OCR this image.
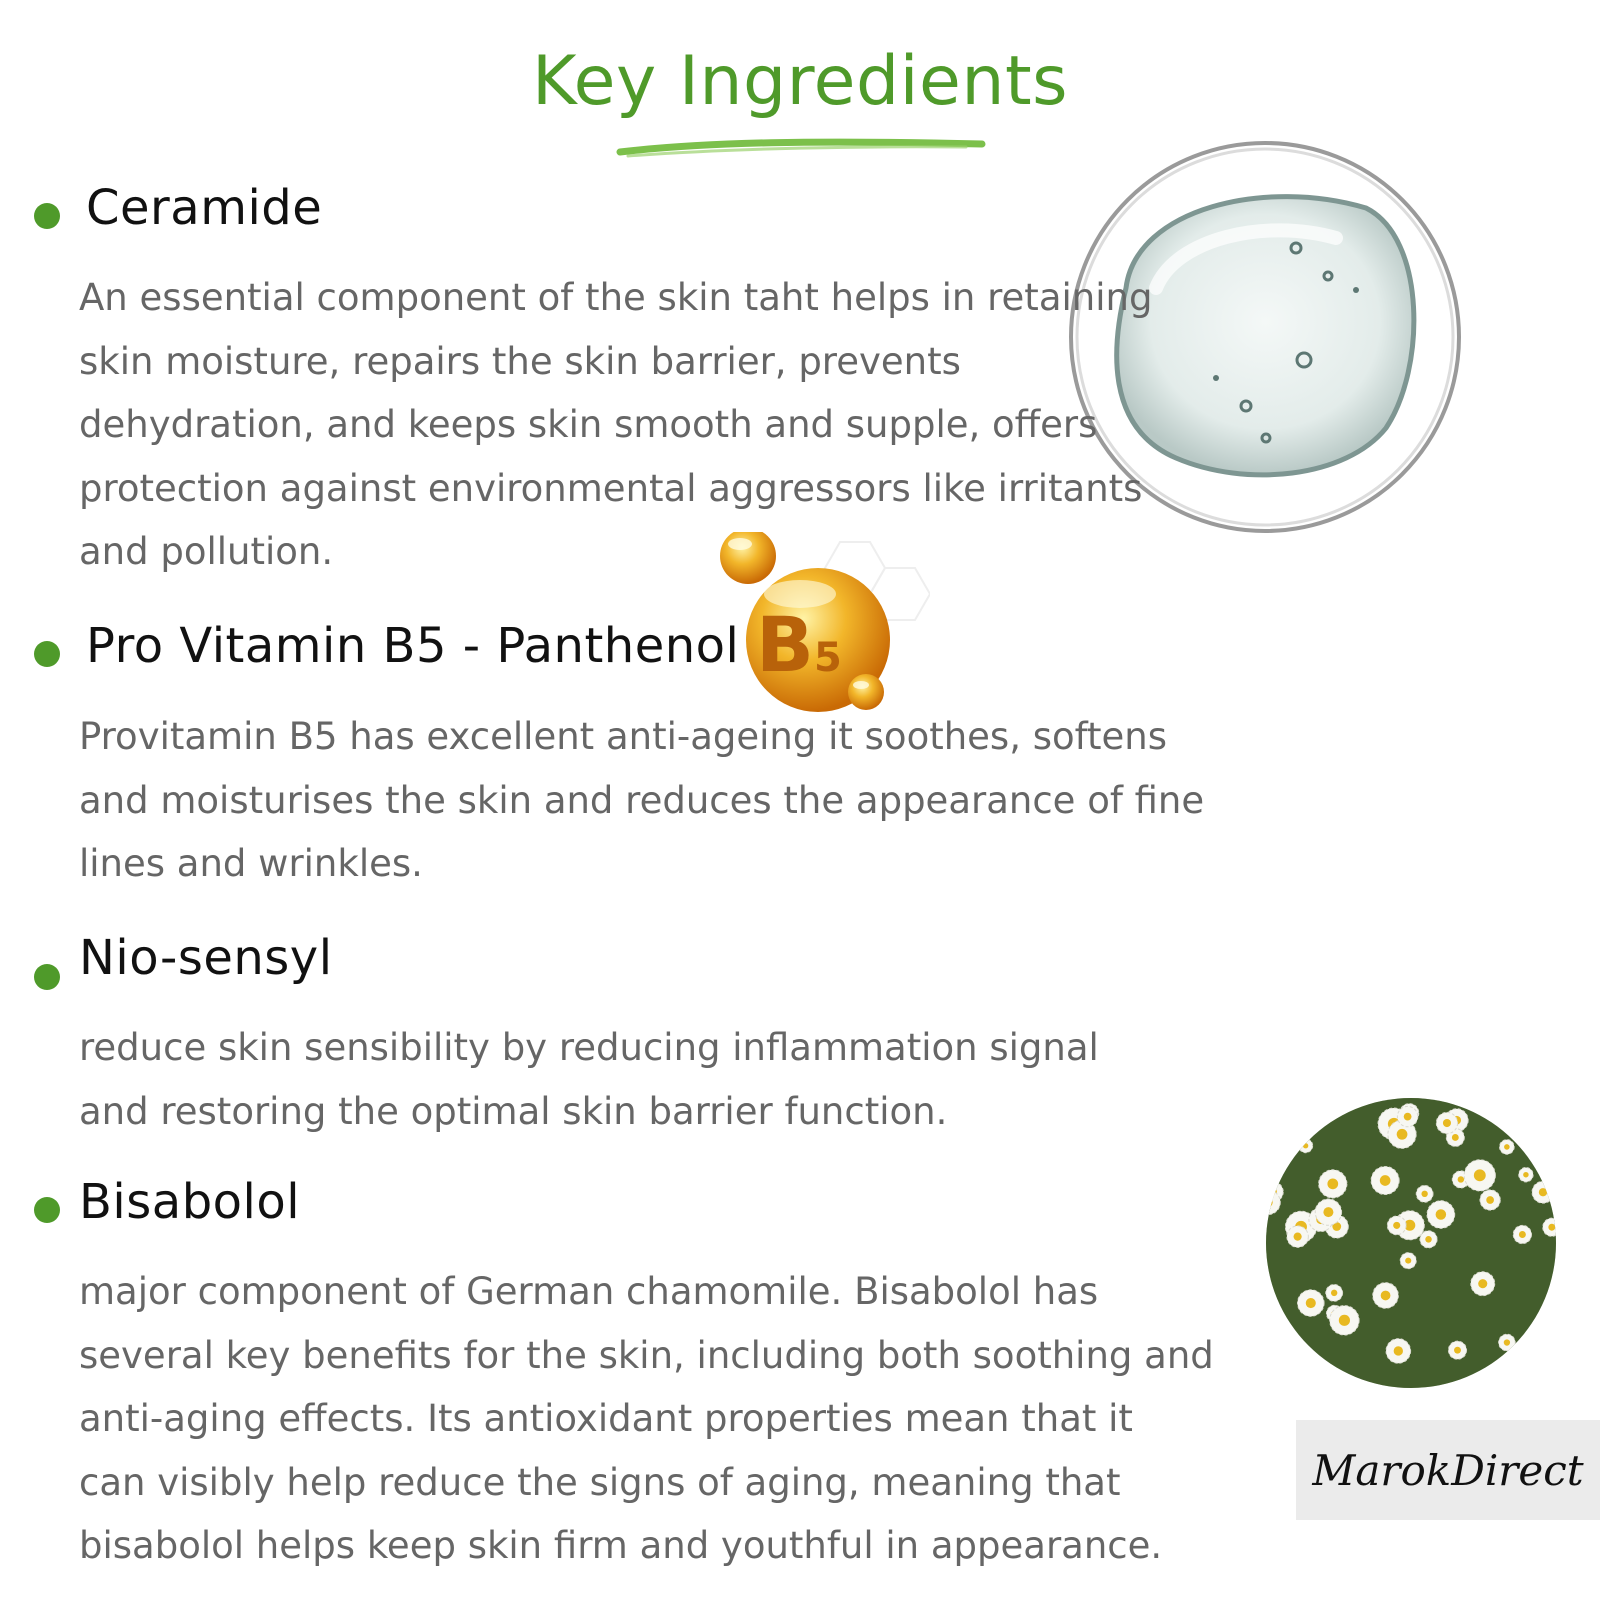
Key Ingredients
B5
Ceramide
An essential component of the skin taht helps in retaining
skin moisture, repairs the skin barrier, prevents
dehydration, and keeps skin smooth and supple, offers
protection against environmental aggressors like irritants
and pollution.
Pro Vitamin B5 - Panthenol
Provitamin B5 has excellent anti-ageing it soothes, softens
and moisturises the skin and reduces the appearance of fine
lines and wrinkles.
Nio-sensyl
reduce skin sensibility by reducing inflammation signal
and restoring the optimal skin barrier function.
Bisabolol
major component of German chamomile. Bisabolol has
several key benefits for the skin, including both soothing and
anti-aging effects. Its antioxidant properties mean that it
can visibly help reduce the signs of aging, meaning that
bisabolol helps keep skin firm and youthful in appearance.
MarokDirect
